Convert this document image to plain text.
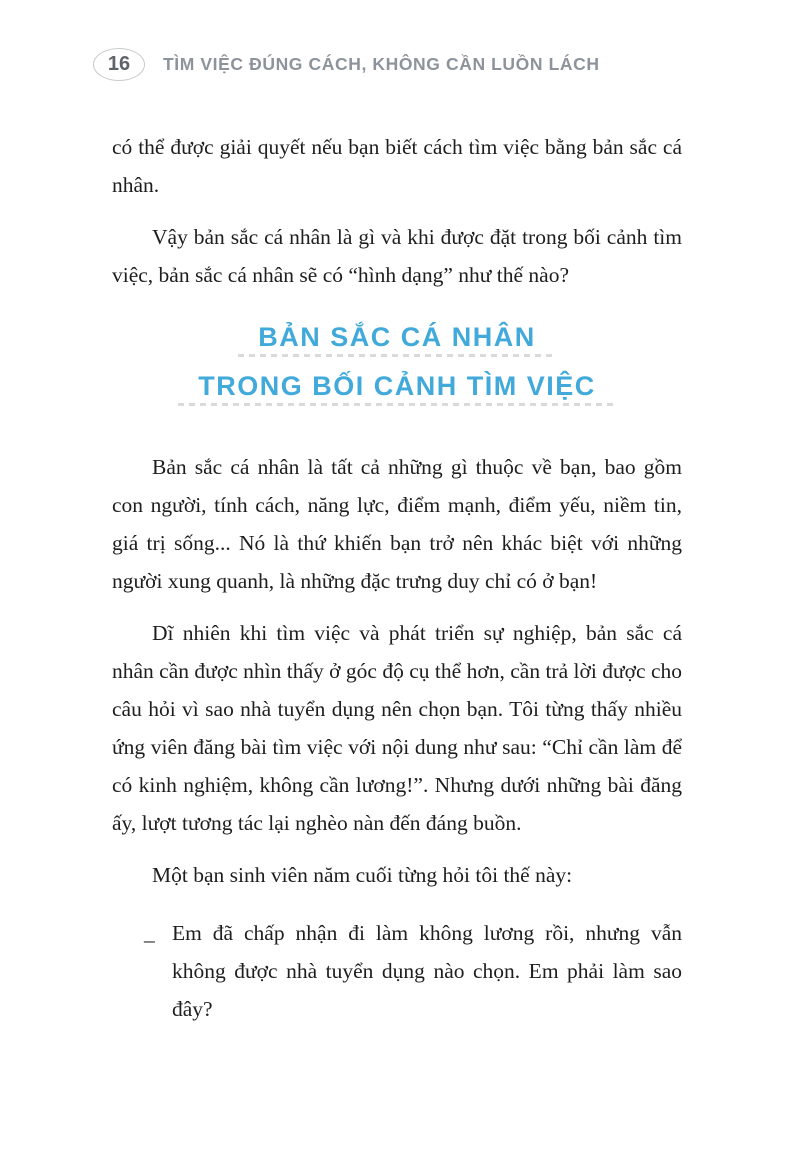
16	TÌM VIỆC ĐÚNG CÁCH, KHÔNG CẦN LUỒN LÁCH

có thể được giải quyết nếu bạn biết cách tìm việc bằng bản sắc cá nhân.

Vậy bản sắc cá nhân là gì và khi được đặt trong bối cảnh tìm việc, bản sắc cá nhân sẽ có “hình dạng” như thế nào?

BẢN SẮC CÁ NHÂN
TRONG BỐI CẢNH TÌM VIỆC

Bản sắc cá nhân là tất cả những gì thuộc về bạn, bao gồm con người, tính cách, năng lực, điểm mạnh, điểm yếu, niềm tin, giá trị sống... Nó là thứ khiến bạn trở nên khác biệt với những người xung quanh, là những đặc trưng duy chỉ có ở bạn!

Dĩ nhiên khi tìm việc và phát triển sự nghiệp, bản sắc cá nhân cần được nhìn thấy ở góc độ cụ thể hơn, cần trả lời được cho câu hỏi vì sao nhà tuyển dụng nên chọn bạn. Tôi từng thấy nhiều ứng viên đăng bài tìm việc với nội dung như sau: “Chỉ cần làm để có kinh nghiệm, không cần lương!”. Nhưng dưới những bài đăng ấy, lượt tương tác lại nghèo nàn đến đáng buồn.

Một bạn sinh viên năm cuối từng hỏi tôi thế này:

_ Em đã chấp nhận đi làm không lương rồi, nhưng vẫn không được nhà tuyển dụng nào chọn. Em phải làm sao đây?
